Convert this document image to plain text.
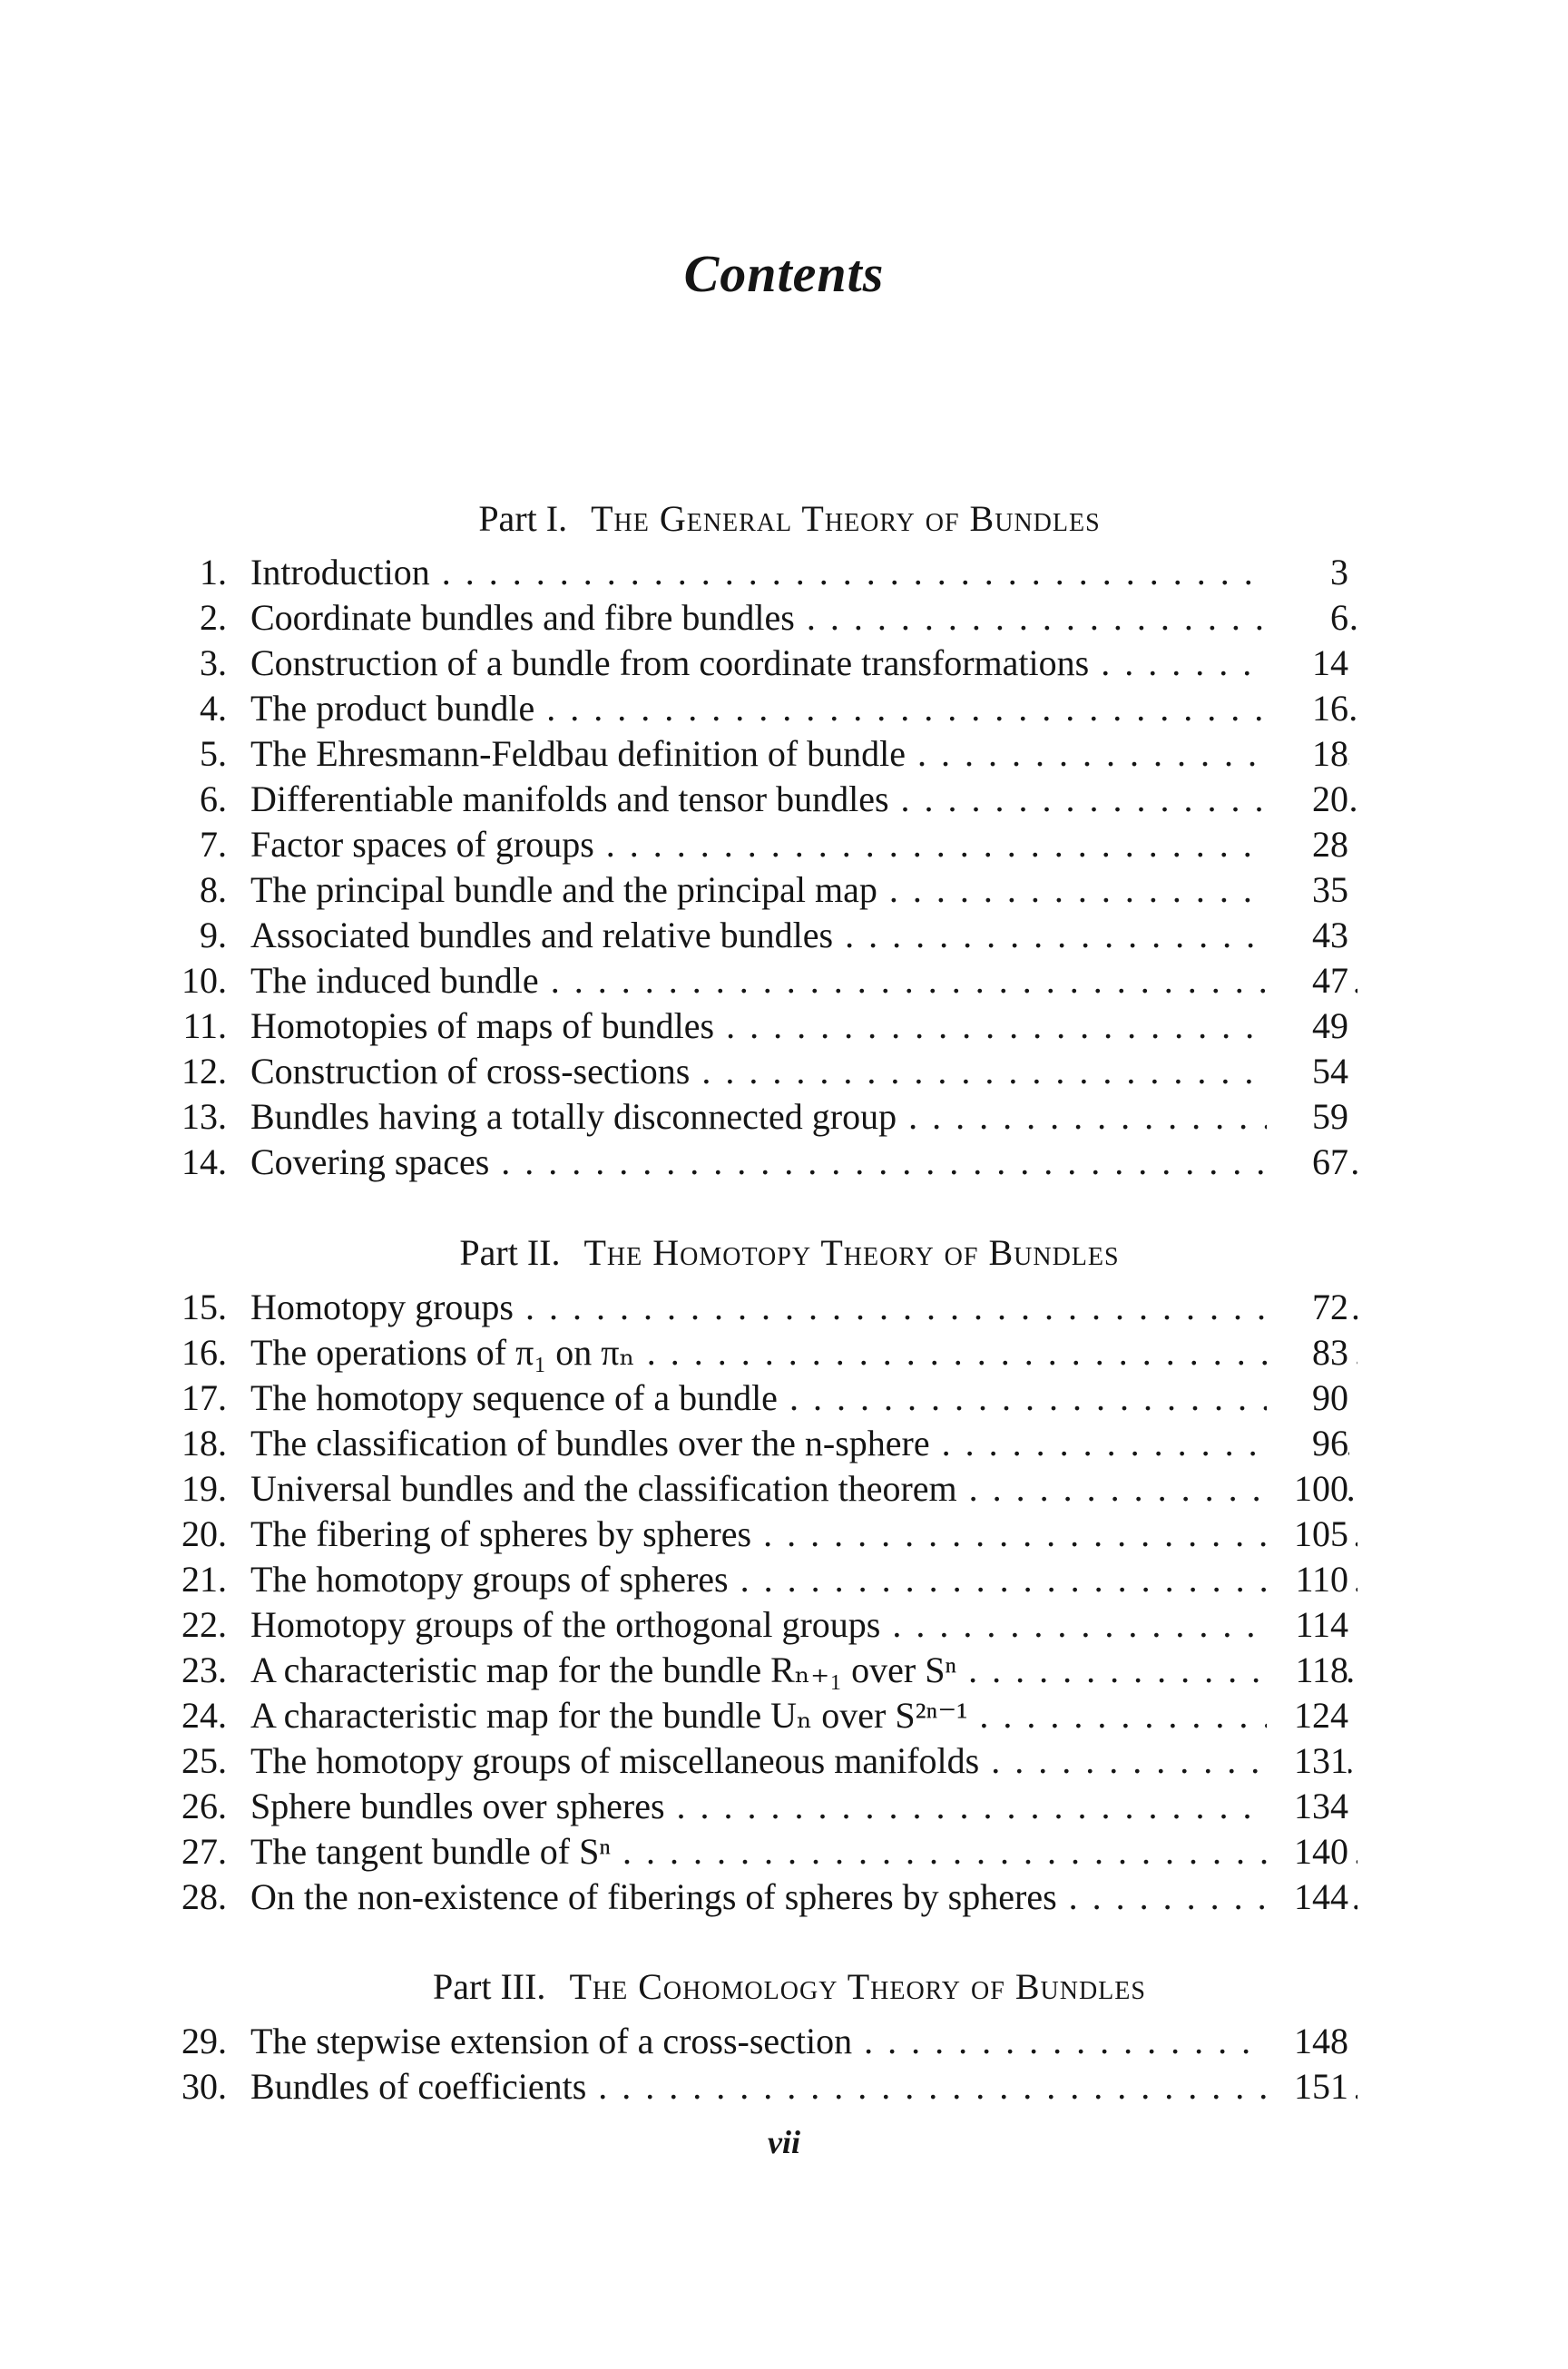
Contents
Part I. The General Theory of Bundles
Part II. The Homotopy Theory of Bundles
Part III. The Cohomology Theory of Bundles
1. Introduction . .	3
2. Coordinate bundles and fibre bundles . .	6
3. Construction of a bundle from coordinate transformations . .	14
4. The product bundle . .	16
5. The Ehresmann-Feldbau definition of bundle . .	18
6. Differentiable manifolds and tensor bundles . .	20
7. Factor spaces of groups . .	28
8. The principal bundle and the principal map . .	35
9. Associated bundles and relative bundles . .	43
10. The induced bundle . .	47
11. Homotopies of maps of bundles . .	49
12. Construction of cross-sections . .	54
13. Bundles having a totally disconnected group . .	59
14. Covering spaces . .	67
15. Homotopy groups . .	72
16. The operations of π₁ on πₙ . .	83
17. The homotopy sequence of a bundle . .	90
18. The classification of bundles over the n-sphere . .	96
19. Universal bundles and the classification theorem . .	100
20. The fibering of spheres by spheres . .	105
21. The homotopy groups of spheres . .	110
22. Homotopy groups of the orthogonal groups . .	114
23. A characteristic map for the bundle Rₙ₊₁ over Sⁿ . .	118
24. A characteristic map for the bundle Uₙ over S²ⁿ⁻¹ . .	124
25. The homotopy groups of miscellaneous manifolds . .	131
26. Sphere bundles over spheres . .	134
27. The tangent bundle of Sⁿ . .	140
28. On the non-existence of fiberings of spheres by spheres . .	144
29. The stepwise extension of a cross-section . .	148
30. Bundles of coefficients . .	151
vii
